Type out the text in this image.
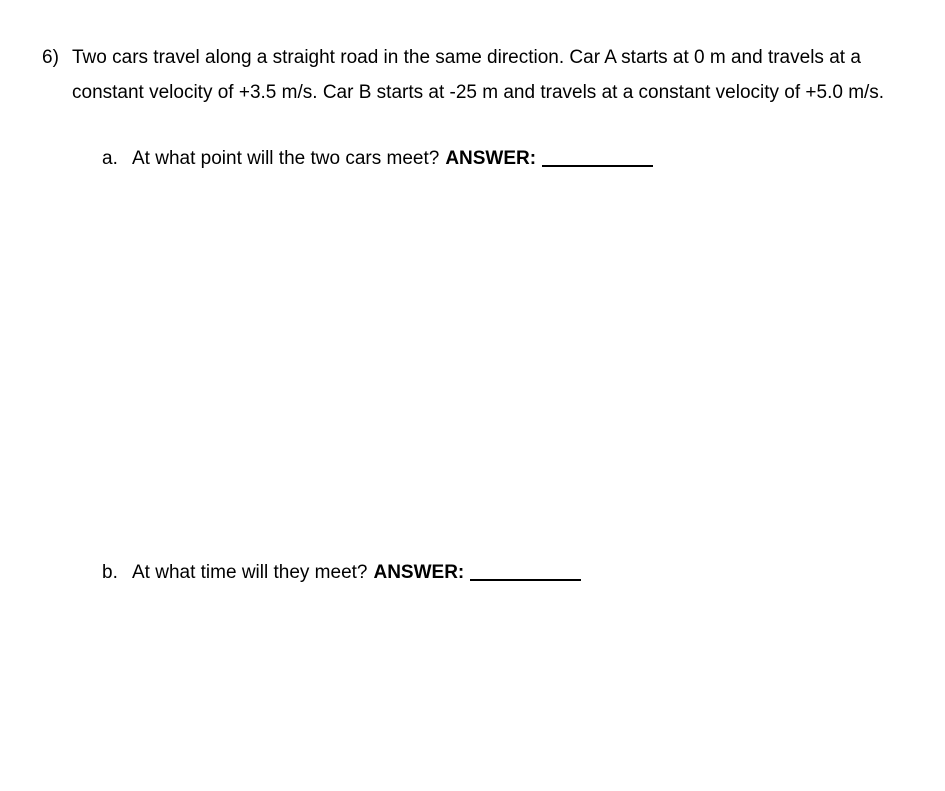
6) Two cars travel along a straight road in the same direction. Car A starts at 0 m and travels at a constant velocity of +3.5 m/s. Car B starts at -25 m and travels at a constant velocity of +5.0 m/s.
a. At what point will the two cars meet? ANSWER:
b. At what time will they meet? ANSWER:
